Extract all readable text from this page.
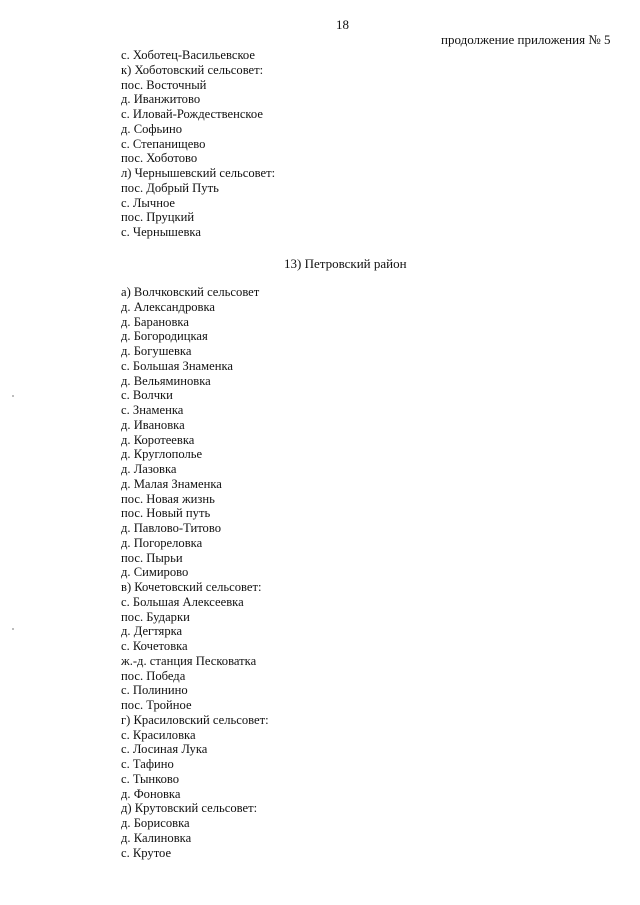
18
продолжение приложения № 5
с. Хоботец-Васильевское
к) Хоботовский сельсовет:
пос. Восточный
д. Иванжитово
с. Иловай-Рождественское
д. Софьино
с. Степанищево
пос. Хоботово
л) Чернышевский сельсовет:
пос. Добрый Путь
с. Лычное
пос. Пруцкий
с. Чернышевка
13) Петровский район
а) Волчковский сельсовет
д. Александровка
д. Барановка
д. Богородицкая
д. Богушевка
с. Большая Знаменка
д. Вельяминовка
с. Волчки
с. Знаменка
д. Ивановка
д. Коротеевка
д. Круглополье
д. Лазовка
д. Малая Знаменка
пос. Новая жизнь
пос. Новый путь
д. Павлово-Титово
д. Погореловка
пос. Пырьи
д. Симирово
в) Кочетовский сельсовет:
с. Большая Алексеевка
пос. Бударки
д. Дегтярка
с. Кочетовка
ж.-д. станция Песковатка
пос. Победа
с. Полинино
пос. Тройное
г) Красиловский сельсовет:
с. Красиловка
с. Лосиная Лука
с. Тафино
с. Тынково
д. Фоновка
д) Крутовский сельсовет:
д. Борисовка
д. Калиновка
с. Крутое
